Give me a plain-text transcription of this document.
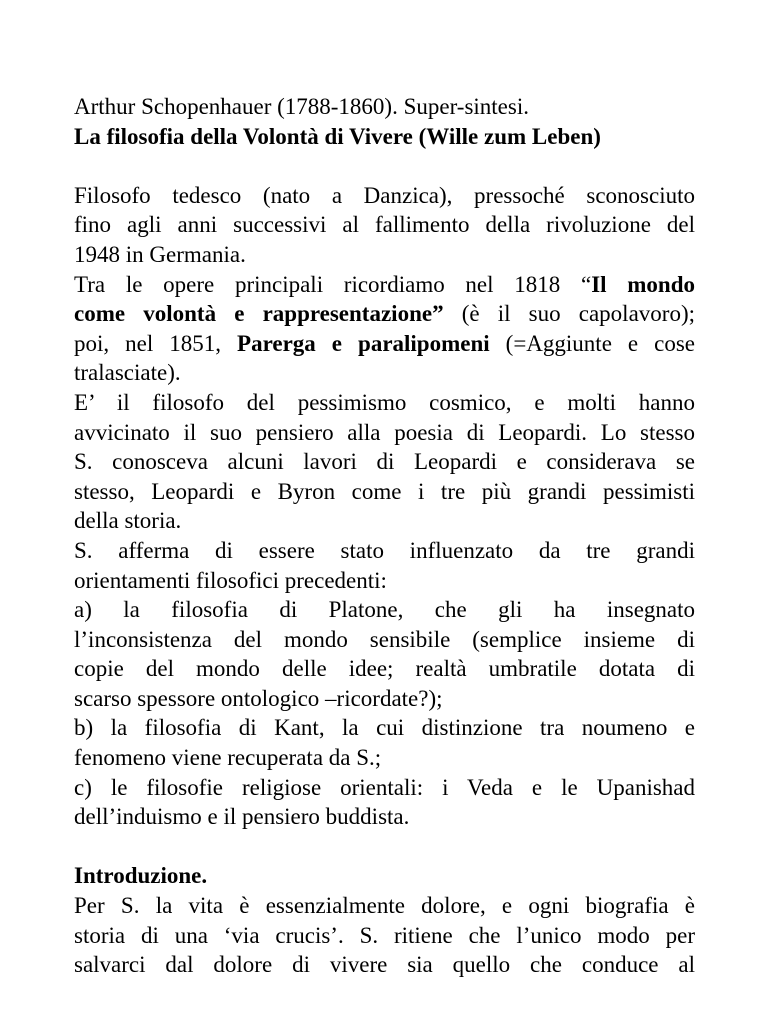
Arthur Schopenhauer (1788-1860). Super-sintesi.
La filosofia della Volontà di Vivere (Wille zum Leben)
Filosofo tedesco (nato a Danzica), pressoché sconosciuto
fino agli anni successivi al fallimento della rivoluzione del
1948 in Germania.
Tra le opere principali ricordiamo nel 1818 “Il mondo
come volontà e rappresentazione” (è il suo capolavoro);
poi, nel 1851, Parerga e paralipomeni (=Aggiunte e cose
tralasciate).
E’ il filosofo del pessimismo cosmico, e molti hanno
avvicinato il suo pensiero alla poesia di Leopardi. Lo stesso
S. conosceva alcuni lavori di Leopardi e considerava se
stesso, Leopardi e Byron come i tre più grandi pessimisti
della storia.
S. afferma di essere stato influenzato da tre grandi
orientamenti filosofici precedenti:
a) la filosofia di Platone, che gli ha insegnato
l’inconsistenza del mondo sensibile (semplice insieme di
copie del mondo delle idee; realtà umbratile dotata di
scarso spessore ontologico –ricordate?);
b) la filosofia di Kant, la cui distinzione tra noumeno e
fenomeno viene recuperata da S.;
c) le filosofie religiose orientali: i Veda e le Upanishad
dell’induismo e il pensiero buddista.
Introduzione.
Per S. la vita è essenzialmente dolore, e ogni biografia è
storia di una ‘via crucis’. S. ritiene che l’unico modo per
salvarci dal dolore di vivere sia quello che conduce al
